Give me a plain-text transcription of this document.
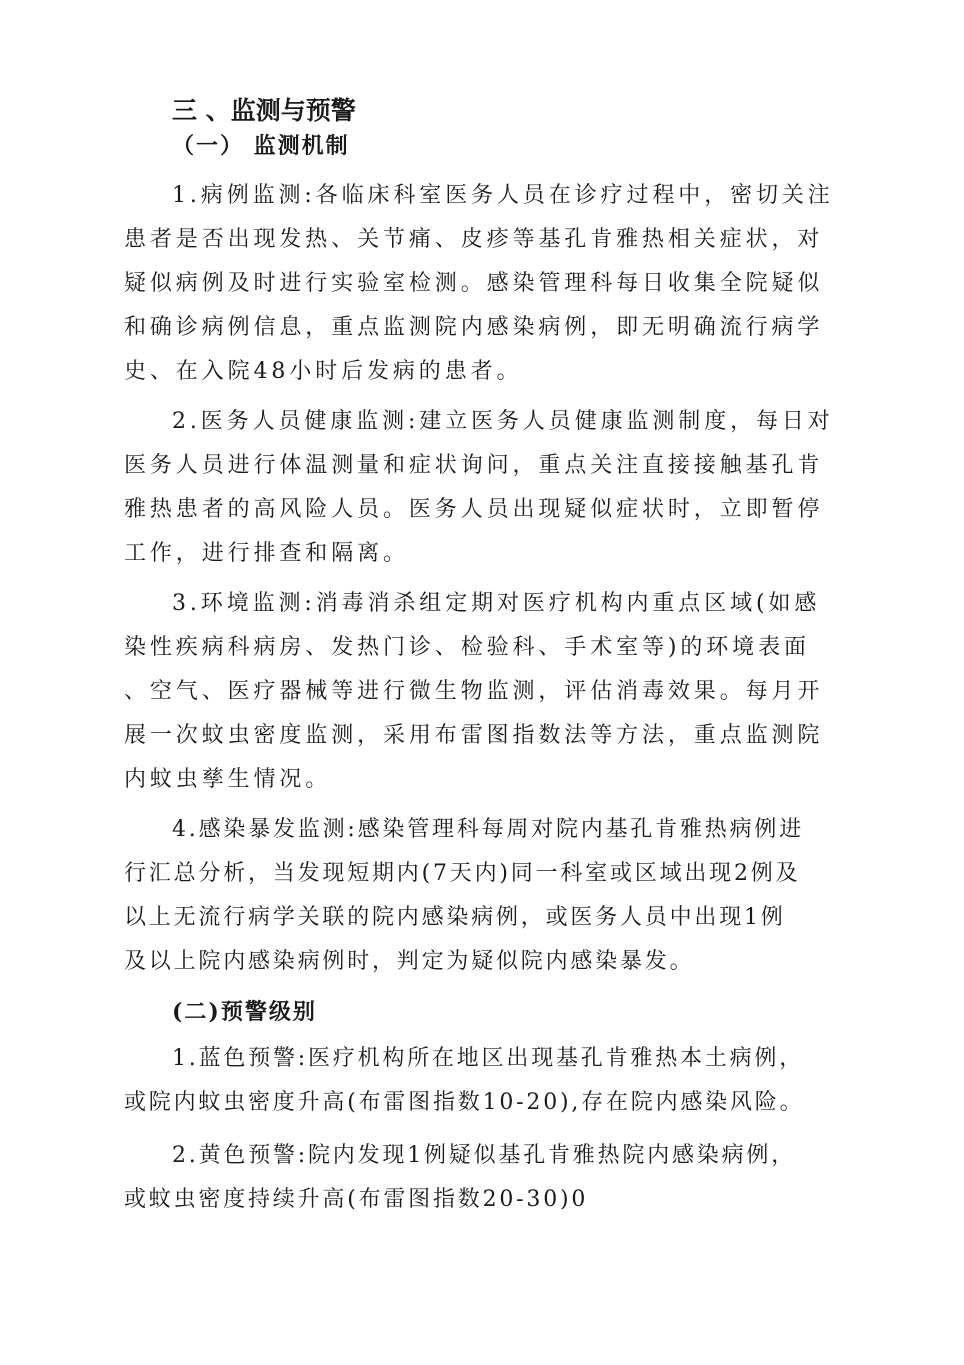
三 、监测与预警
（一） 监测机制
1.病例监测:各临床科室医务人员在诊疗过程中，密切关注
患者是否出现发热、关节痛、皮疹等基孔肯雅热相关症状，对
疑似病例及时进行实验室检测。感染管理科每日收集全院疑似
和确诊病例信息，重点监测院内感染病例，即无明确流行病学
史、在入院48小时后发病的患者。
2.医务人员健康监测:建立医务人员健康监测制度，每日对
医务人员进行体温测量和症状询问，重点关注直接接触基孔肯
雅热患者的高风险人员。医务人员出现疑似症状时，立即暂停
工作，进行排查和隔离。
3.环境监测:消毒消杀组定期对医疗机构内重点区域(如感
染性疾病科病房、发热门诊、检验科、手术室等)的环境表面
、空气、医疗器械等进行微生物监测，评估消毒效果。每月开
展一次蚊虫密度监测，采用布雷图指数法等方法，重点监测院
内蚊虫孳生情况。
4.感染暴发监测:感染管理科每周对院内基孔肯雅热病例进
行汇总分析，当发现短期内(7天内)同一科室或区域出现2例及
以上无流行病学关联的院内感染病例，或医务人员中出现1例
及以上院内感染病例时，判定为疑似院内感染暴发。
(二)预警级别
1.蓝色预警:医疗机构所在地区出现基孔肯雅热本土病例，
或院内蚊虫密度升高(布雷图指数10-20),存在院内感染风险。
2.黄色预警:院内发现1例疑似基孔肯雅热院内感染病例，
或蚊虫密度持续升高(布雷图指数20-30)0
